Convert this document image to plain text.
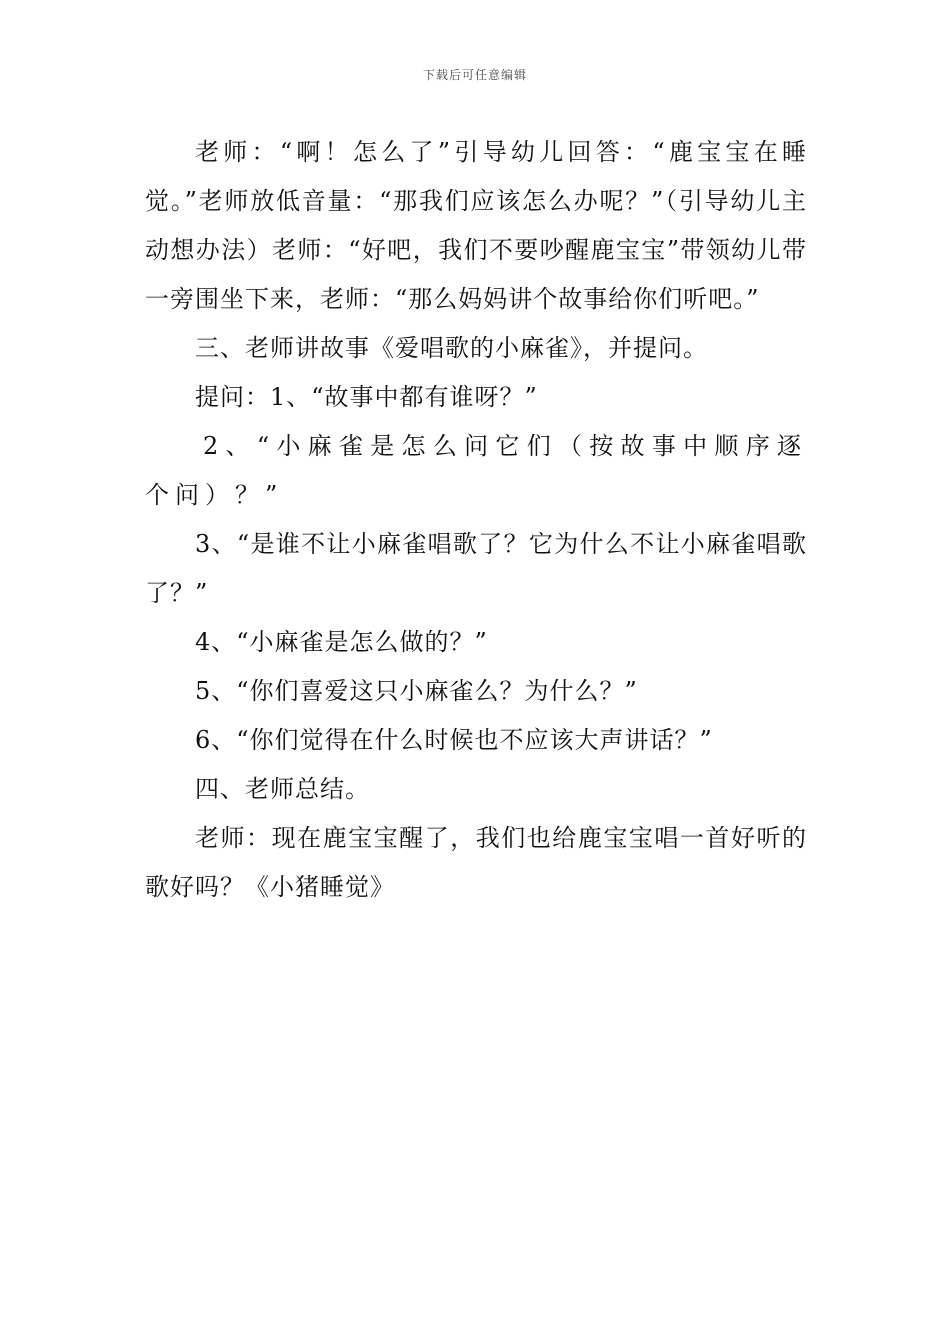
下载后可任意编辑

老师：“啊！怎么了”引导幼儿回答：“鹿宝宝在睡觉。”老师放低音量：“那我们应该怎么办呢？”（引导幼儿主动想办法）老师：“好吧，我们不要吵醒鹿宝宝”带领幼儿带一旁围坐下来，老师：“那么妈妈讲个故事给你们听吧。”

三、老师讲故事《爱唱歌的小麻雀》，并提问。

提问：1、“故事中都有谁呀？”

2、“小麻雀是怎么问它们（按故事中顺序逐个问）？”

3、“是谁不让小麻雀唱歌了？它为什么不让小麻雀唱歌了？”

4、“小麻雀是怎么做的？”

5、“你们喜爱这只小麻雀么？为什么？”

6、“你们觉得在什么时候也不应该大声讲话？”

四、老师总结。

老师：现在鹿宝宝醒了，我们也给鹿宝宝唱一首好听的歌好吗？《小猪睡觉》
